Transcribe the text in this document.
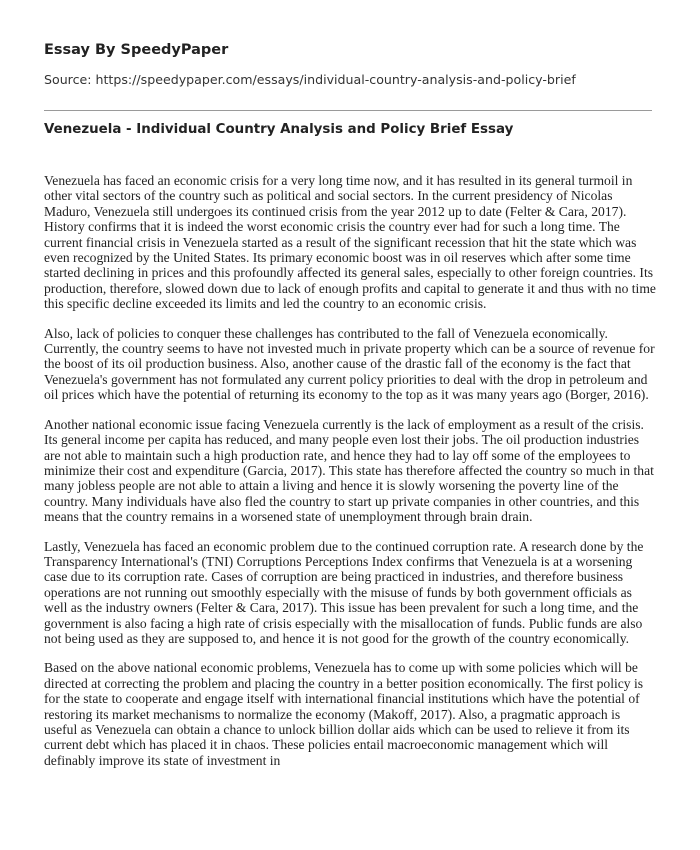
Essay By SpeedyPaper
Source: https://speedypaper.com/essays/individual-country-analysis-and-policy-brief
Venezuela - Individual Country Analysis and Policy Brief Essay

Venezuela has faced an economic crisis for a very long time now, and it has resulted in its general turmoil in other vital sectors of the country such as political and social sectors. In the current presidency of Nicolas Maduro, Venezuela still undergoes its continued crisis from the year 2012 up to date (Felter & Cara, 2017). History confirms that it is indeed the worst economic crisis the country ever had for such a long time. The current financial crisis in Venezuela started as a result of the significant recession that hit the state which was even recognized by the United States. Its primary economic boost was in oil reserves which after some time started declining in prices and this profoundly affected its general sales, especially to other foreign countries. Its production, therefore, slowed down due to lack of enough profits and capital to generate it and thus with no time this specific decline exceeded its limits and led the country to an economic crisis.

Also, lack of policies to conquer these challenges has contributed to the fall of Venezuela economically. Currently, the country seems to have not invested much in private property which can be a source of revenue for the boost of its oil production business. Also, another cause of the drastic fall of the economy is the fact that Venezuela's government has not formulated any current policy priorities to deal with the drop in petroleum and oil prices which have the potential of returning its economy to the top as it was many years ago (Borger, 2016).

Another national economic issue facing Venezuela currently is the lack of employment as a result of the crisis. Its general income per capita has reduced, and many people even lost their jobs. The oil production industries are not able to maintain such a high production rate, and hence they had to lay off some of the employees to minimize their cost and expenditure (Garcia, 2017). This state has therefore affected the country so much in that many jobless people are not able to attain a living and hence it is slowly worsening the poverty line of the country. Many individuals have also fled the country to start up private companies in other countries, and this means that the country remains in a worsened state of unemployment through brain drain.

Lastly, Venezuela has faced an economic problem due to the continued corruption rate. A research done by the Transparency International's (TNI) Corruptions Perceptions Index confirms that Venezuela is at a worsening case due to its corruption rate. Cases of corruption are being practiced in industries, and therefore business operations are not running out smoothly especially with the misuse of funds by both government officials as well as the industry owners (Felter & Cara, 2017). This issue has been prevalent for such a long time, and the government is also facing a high rate of crisis especially with the misallocation of funds. Public funds are also not being used as they are supposed to, and hence it is not good for the growth of the country economically.

Based on the above national economic problems, Venezuela has to come up with some policies which will be directed at correcting the problem and placing the country in a better position economically. The first policy is for the state to cooperate and engage itself with international financial institutions which have the potential of restoring its market mechanisms to normalize the economy (Makoff, 2017). Also, a pragmatic approach is useful as Venezuela can obtain a chance to unlock billion dollar aids which can be used to relieve it from its current debt which has placed it in chaos. These policies entail macroeconomic management which will definably improve its state of investment in
